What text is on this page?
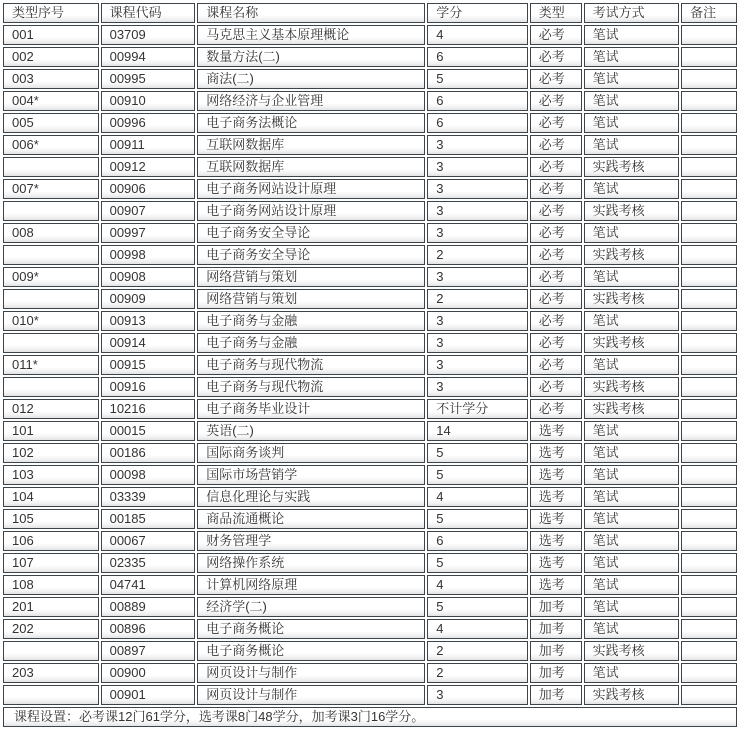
类型序号	课程代码	课程名称	学分	类型	考试方式	备注
001	03709	马克思主义基本原理概论	4	必考	笔试	
002	00994	数量方法(二)	6	必考	笔试	
003	00995	商法(二)	5	必考	笔试	
004*	00910	网络经济与企业管理	6	必考	笔试	
005	00996	电子商务法概论	6	必考	笔试	
006*	00911	互联网数据库	3	必考	笔试	
	00912	互联网数据库	3	必考	实践考核	
007*	00906	电子商务网站设计原理	3	必考	笔试	
	00907	电子商务网站设计原理	3	必考	实践考核	
008	00997	电子商务安全导论	3	必考	笔试	
	00998	电子商务安全导论	2	必考	实践考核	
009*	00908	网络营销与策划	3	必考	笔试	
	00909	网络营销与策划	2	必考	实践考核	
010*	00913	电子商务与金融	3	必考	笔试	
	00914	电子商务与金融	3	必考	实践考核	
011*	00915	电子商务与现代物流	3	必考	笔试	
	00916	电子商务与现代物流	3	必考	实践考核	
012	10216	电子商务毕业设计	不计学分	必考	实践考核	
101	00015	英语(二)	14	选考	笔试	
102	00186	国际商务谈判	5	选考	笔试	
103	00098	国际市场营销学	5	选考	笔试	
104	03339	信息化理论与实践	4	选考	笔试	
105	00185	商品流通概论	5	选考	笔试	
106	00067	财务管理学	6	选考	笔试	
107	02335	网络操作系统	5	选考	笔试	
108	04741	计算机网络原理	4	选考	笔试	
201	00889	经济学(二)	5	加考	笔试	
202	00896	电子商务概论	4	加考	笔试	
	00897	电子商务概论	2	加考	实践考核	
203	00900	网页设计与制作	2	加考	笔试	
	00901	网页设计与制作	3	加考	实践考核	
课程设置：必考课12门61学分，选考课8门48学分，加考课3门16学分。						
